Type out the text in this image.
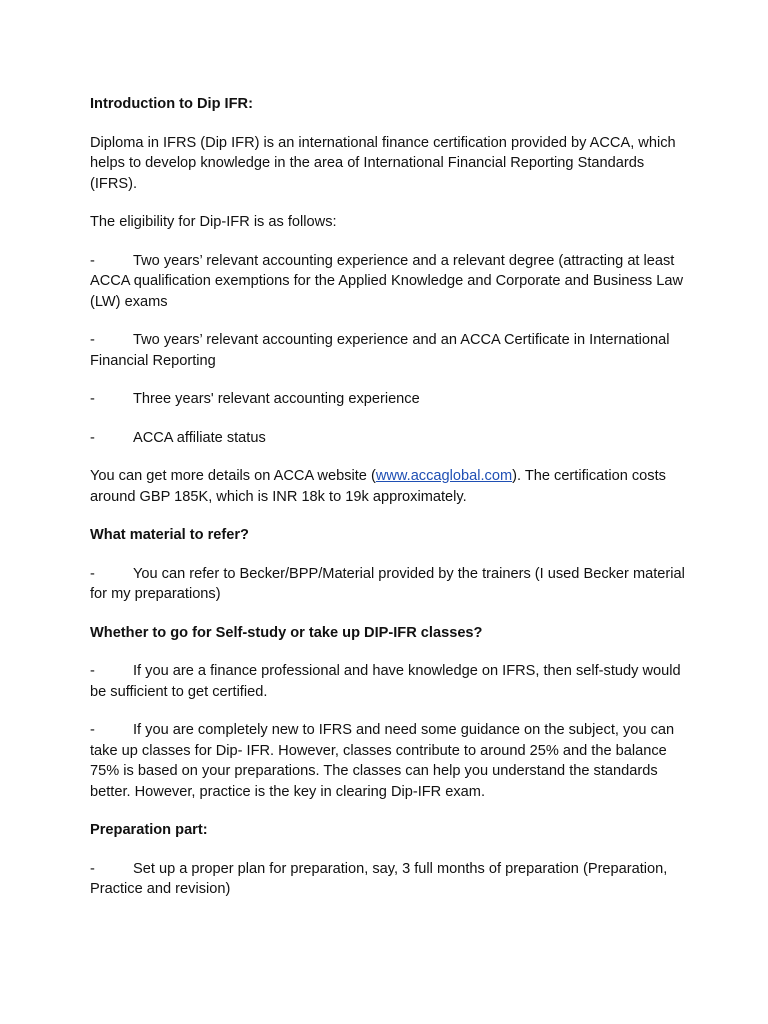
Introduction to Dip IFR:
Diploma in IFRS (Dip IFR) is an international finance certification provided by ACCA, which helps to develop knowledge in the area of International Financial Reporting Standards (IFRS).
The eligibility for Dip-IFR is as follows:
-	Two years’ relevant accounting experience and a relevant degree (attracting at least ACCA qualification exemptions for the Applied Knowledge and Corporate and Business Law (LW) exams
-	Two years’ relevant accounting experience and an ACCA Certificate in International Financial Reporting
-	Three years' relevant accounting experience
-	ACCA affiliate status
You can get more details on ACCA website (www.accaglobal.com). The certification costs around GBP 185K, which is INR 18k to 19k approximately.
What material to refer?
-	You can refer to Becker/BPP/Material provided by the trainers (I used Becker material for my preparations)
Whether to go for Self-study or take up DIP-IFR classes?
-	If you are a finance professional and have knowledge on IFRS, then self-study would be sufficient to get certified.
-	If you are completely new to IFRS and need some guidance on the subject, you can take up classes for Dip- IFR. However, classes contribute to around 25% and the balance 75% is based on your preparations. The classes can help you understand the standards better. However, practice is the key in clearing Dip-IFR exam.
Preparation part:
-	Set up a proper plan for preparation, say, 3 full months of preparation (Preparation, Practice and revision)
